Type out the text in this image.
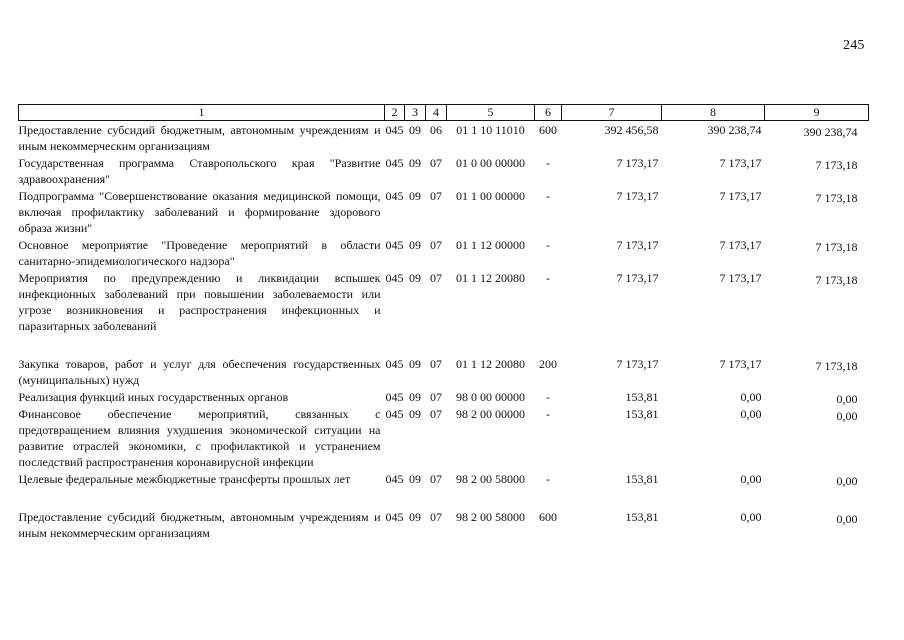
245
1	2	3	4	5	6	7	8	9
Предоставление субсидий бюджетным, автономным учреждениям и иным некоммерческим организациям	045	09	06	01 1 10 11010	600	392 456,58	390 238,74	390 238,74
Государственная программа Ставропольского края "Развитие здравоохранения"	045	09	07	01 0 00 00000	-	7 173,17	7 173,17	7 173,18
Подпрограмма "Совершенствование оказания медицинской помощи, включая профилактику заболеваний и формирование здорового образа жизни"	045	09	07	01 1 00 00000	-	7 173,17	7 173,17	7 173,18
Основное мероприятие "Проведение мероприятий в области санитарно-эпидемиологического надзора"	045	09	07	01 1 12 00000	-	7 173,17	7 173,17	7 173,18
Мероприятия по предупреждению и ликвидации вспышек инфекционных заболеваний при повышении заболеваемости или угрозе возникновения и распространения инфекционных и паразитарных заболеваний	045	09	07	01 1 12 20080	-	7 173,17	7 173,17	7 173,18

Закупка товаров, работ и услуг для обеспечения государственных (муниципальных) нужд	045	09	07	01 1 12 20080	200	7 173,17	7 173,17	7 173,18
Реализация функций иных государственных органов	045	09	07	98 0 00 00000	-	153,81	0,00	0,00
Финансовое обеспечение мероприятий, связанных с предотвращением влияния ухудшения экономической ситуации на развитие отраслей экономики, с профилактикой и устранением последствий распространения коронавирусной инфекции	045	09	07	98 2 00 00000	-	153,81	0,00	0,00
Целевые федеральные межбюджетные трансферты прошлых лет	045	09	07	98 2 00 58000	-	153,81	0,00	0,00

Предоставление субсидий бюджетным, автономным учреждениям и иным некоммерческим организациям	045	09	07	98 2 00 58000	600	153,81	0,00	0,00
